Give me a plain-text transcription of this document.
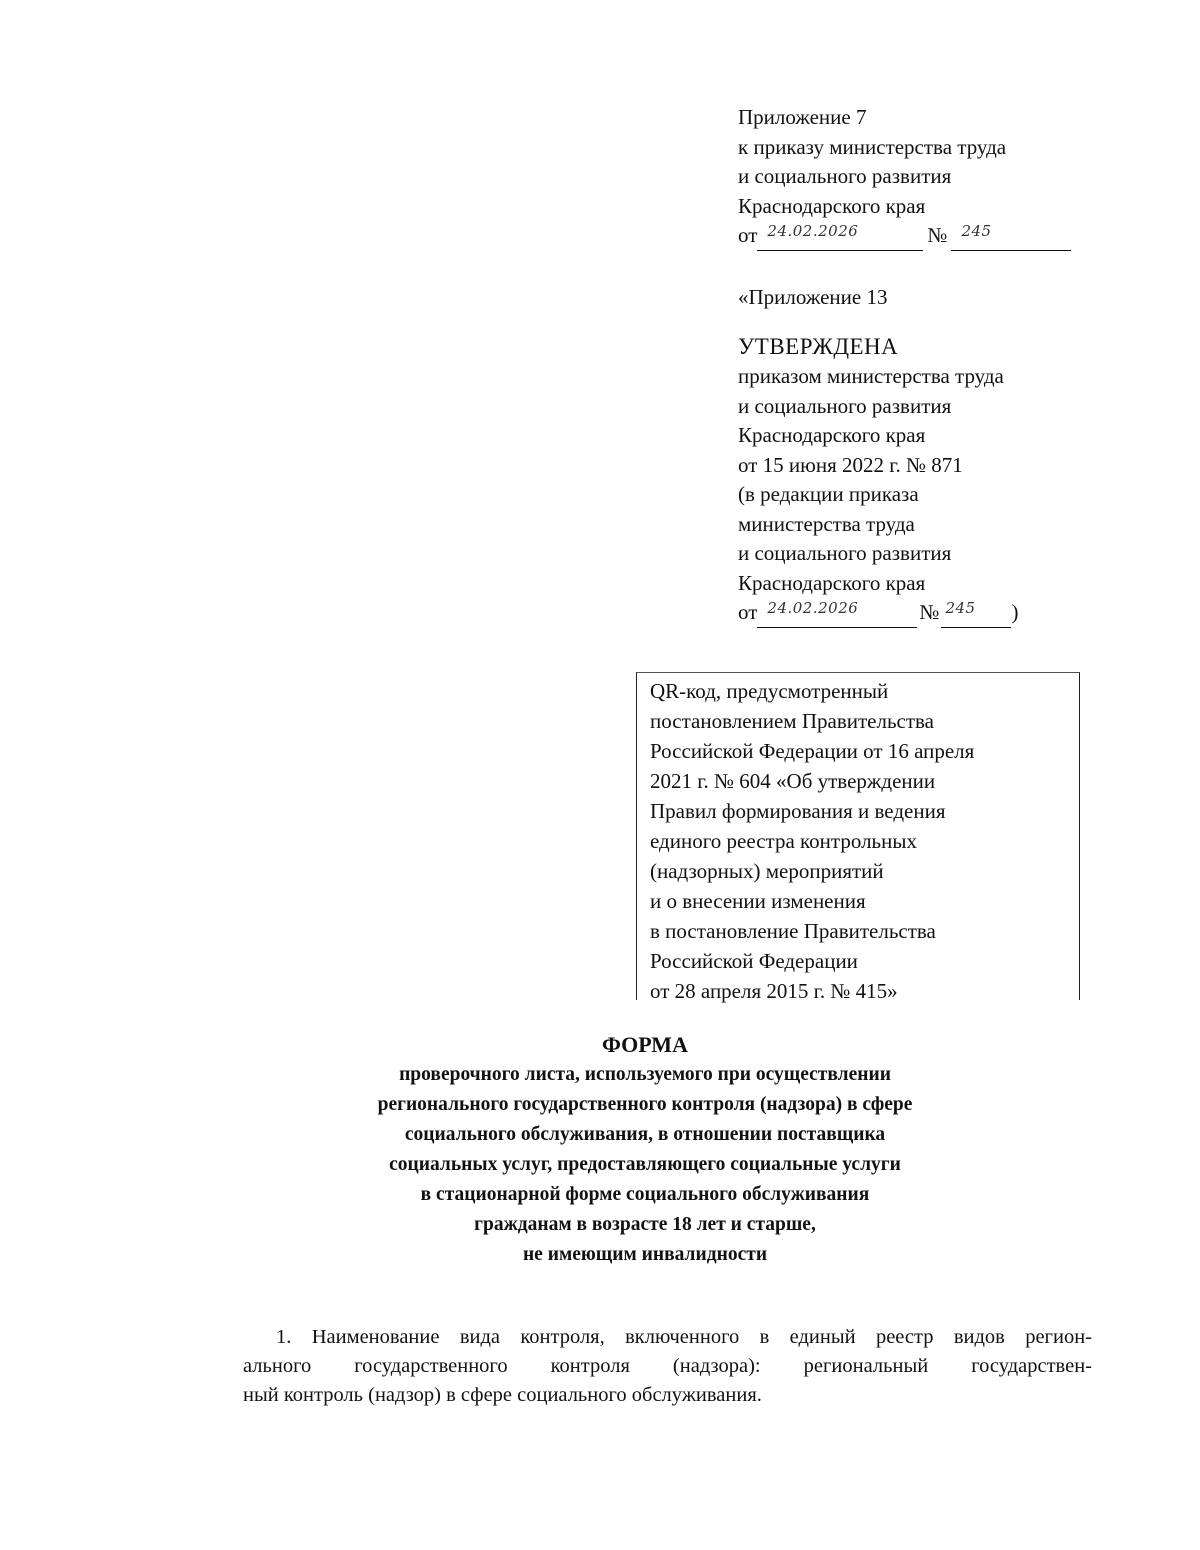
Приложение 7
к приказу министерства труда
и социального развития
Краснодарского края
от 24.02.2026	№ 245
«Приложение 13
УТВЕРЖДЕНА
приказом министерства труда
и социального развития
Краснодарского края
от 15 июня 2022 г. № 871
(в редакции приказа
министерства труда
и социального развития
Краснодарского края
от 24.02.2026	№ 245 )
QR-код, предусмотренный
постановлением Правительства
Российской Федерации от 16 апреля
2021 г. № 604 «Об утверждении
Правил формирования и ведения
единого реестра контрольных
(надзорных) мероприятий
и о внесении изменения
в постановление Правительства
Российской Федерации
от 28 апреля 2015 г. № 415»
ФОРМА
проверочного листа, используемого при осуществлении
регионального государственного контроля (надзора) в сфере
социального обслуживания, в отношении поставщика
социальных услуг, предоставляющего социальные услуги
в стационарной форме социального обслуживания
гражданам в возрасте 18 лет и старше,
не имеющим инвалидности
1. Наименование вида контроля, включенного в единый реестр видов регион-
ального государственного контроля (надзора): региональный государствен-
ный контроль (надзор) в сфере социального обслуживания.
